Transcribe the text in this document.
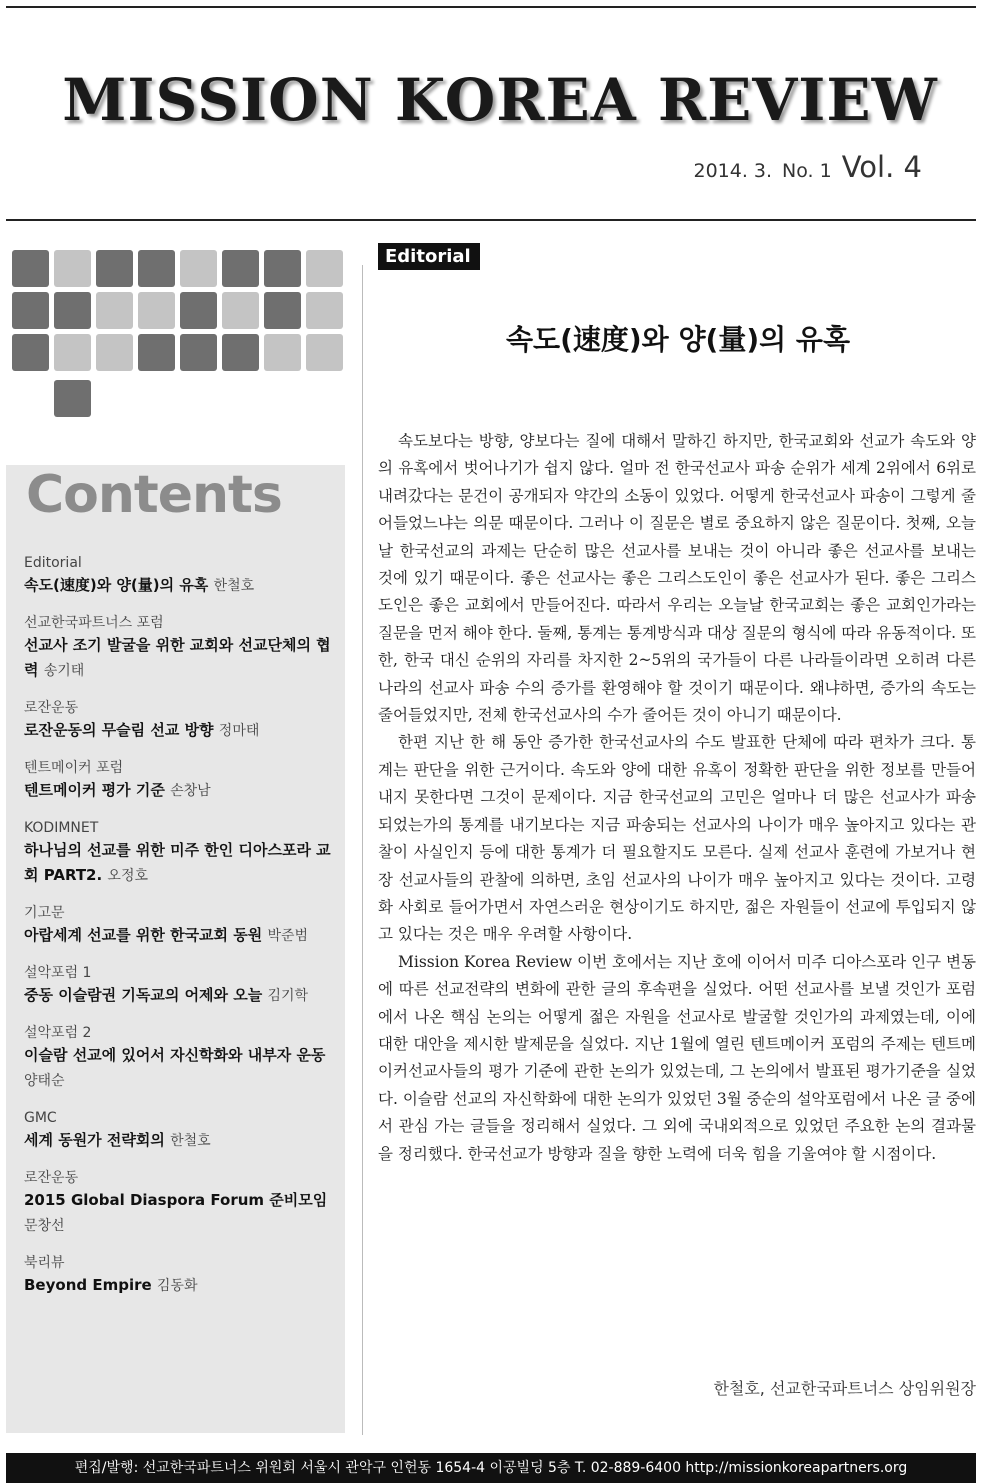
MISSION KOREA REVIEW
2014. 3. No. 1 Vol. 4
Contents
Editorial
속도(速度)와 양(量)의 유혹 한철호
선교한국파트너스 포럼
선교사 조기 발굴을 위한 교회와 선교단체의 협력 송기태
로잔운동
로잔운동의 무슬림 선교 방향 정마태
텐트메이커 포럼
텐트메이커 평가 기준 손창남
KODIMNET
하나님의 선교를 위한 미주 한인 디아스포라 교회 PART2. 오정호
기고문
아랍세계 선교를 위한 한국교회 동원 박준범
설악포럼 1
중동 이슬람권 기독교의 어제와 오늘 김기학
설악포럼 2
이슬람 선교에 있어서 자신학화와 내부자 운동 양태순
GMC
세계 동원가 전략회의 한철호
로잔운동
2015 Global Diaspora Forum 준비모임 문창선
북리뷰
Beyond Empire 김동화
Editorial
속도(速度)와 양(量)의 유혹

속도보다는 방향, 양보다는 질에 대해서 말하긴 하지만, 한국교회와 선교가 속도와 양의 유혹에서 벗어나기가 쉽지 않다. 얼마 전 한국선교사 파송 순위가 세계 2위에서 6위로 내려갔다는 문건이 공개되자 약간의 소동이 있었다. 어떻게 한국선교사 파송이 그렇게 줄어들었느냐는 의문 때문이다. 그러나 이 질문은 별로 중요하지 않은 질문이다. 첫째, 오늘날 한국선교의 과제는 단순히 많은 선교사를 보내는 것이 아니라 좋은 선교사를 보내는 것에 있기 때문이다. 좋은 선교사는 좋은 그리스도인이 좋은 선교사가 된다. 좋은 그리스도인은 좋은 교회에서 만들어진다. 따라서 우리는 오늘날 한국교회는 좋은 교회인가라는 질문을 먼저 해야 한다. 둘째, 통계는 통계방식과 대상 질문의 형식에 따라 유동적이다. 또한, 한국 대신 순위의 자리를 차지한 2~5위의 국가들이 다른 나라들이라면 오히려 다른 나라의 선교사 파송 수의 증가를 환영해야 할 것이기 때문이다. 왜냐하면, 증가의 속도는 줄어들었지만, 전체 한국선교사의 수가 줄어든 것이 아니기 때문이다.

한편 지난 한 해 동안 증가한 한국선교사의 수도 발표한 단체에 따라 편차가 크다. 통계는 판단을 위한 근거이다. 속도와 양에 대한 유혹이 정확한 판단을 위한 정보를 만들어 내지 못한다면 그것이 문제이다. 지금 한국선교의 고민은 얼마나 더 많은 선교사가 파송되었는가의 통계를 내기보다는 지금 파송되는 선교사의 나이가 매우 높아지고 있다는 관찰이 사실인지 등에 대한 통계가 더 필요할지도 모른다. 실제 선교사 훈련에 가보거나 현장 선교사들의 관찰에 의하면, 초임 선교사의 나이가 매우 높아지고 있다는 것이다. 고령화 사회로 들어가면서 자연스러운 현상이기도 하지만, 젊은 자원들이 선교에 투입되지 않고 있다는 것은 매우 우려할 사항이다.

Mission Korea Review 이번 호에서는 지난 호에 이어서 미주 디아스포라 인구 변동에 따른 선교전략의 변화에 관한 글의 후속편을 실었다. 어떤 선교사를 보낼 것인가 포럼에서 나온 핵심 논의는 어떻게 젊은 자원을 선교사로 발굴할 것인가의 과제였는데, 이에 대한 대안을 제시한 발제문을 실었다. 지난 1월에 열린 텐트메이커 포럼의 주제는 텐트메이커선교사들의 평가 기준에 관한 논의가 있었는데, 그 논의에서 발표된 평가기준을 실었다. 이슬람 선교의 자신학화에 대한 논의가 있었던 3월 중순의 설악포럼에서 나온 글 중에서 관심 가는 글들을 정리해서 실었다. 그 외에 국내외적으로 있었던 주요한 논의 결과물을 정리했다. 한국선교가 방향과 질을 향한 노력에 더욱 힘을 기울여야 할 시점이다.

한철호, 선교한국파트너스 상임위원장
편집/발행: 선교한국파트너스 위원회 서울시 관악구 인헌동 1654-4 이공빌딩 5층 T. 02-889-6400 http://missionkoreapartners.org
